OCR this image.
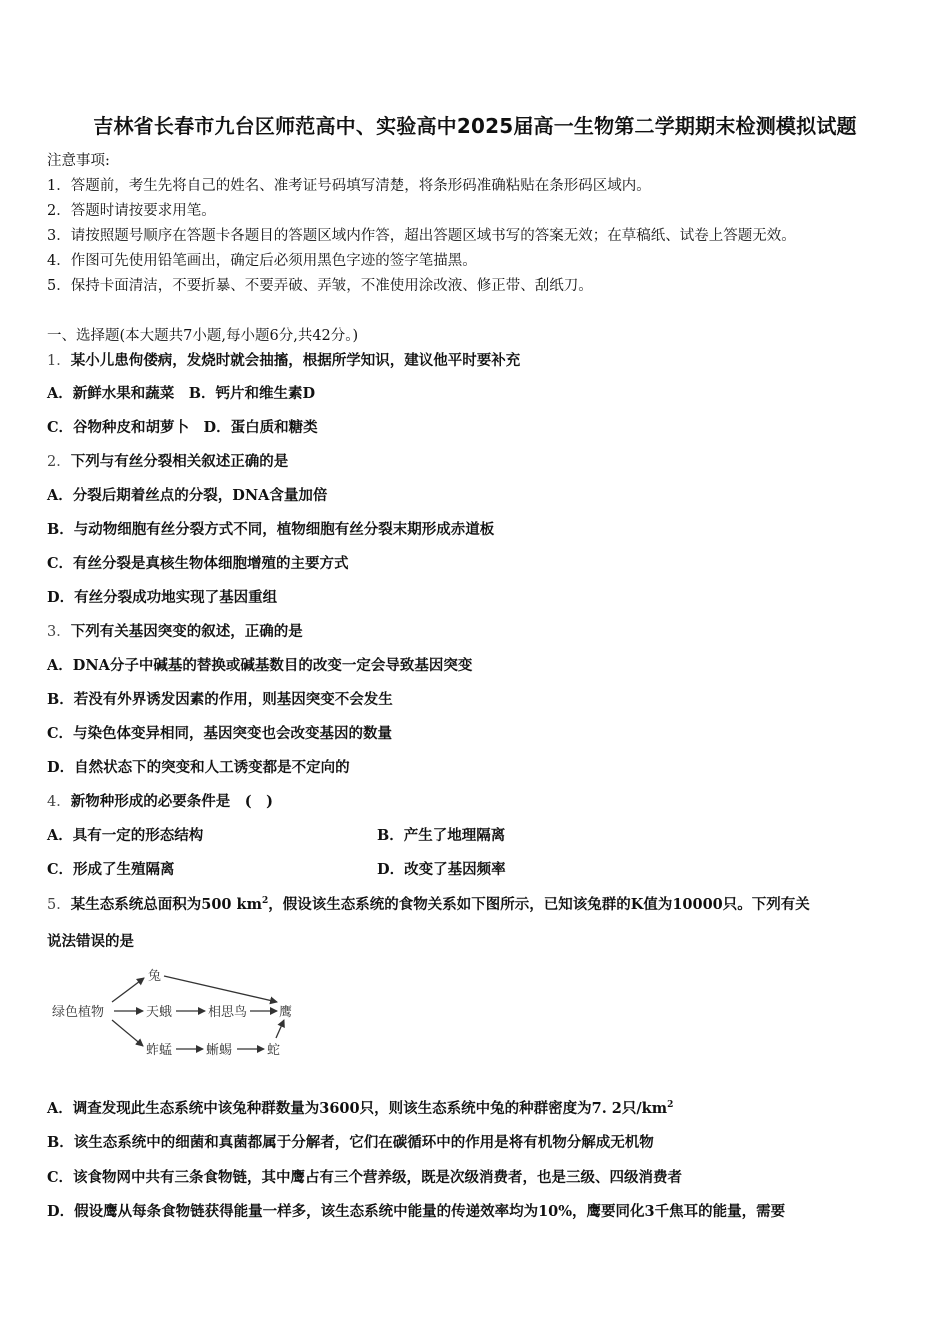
吉林省长春市九台区师范高中、实验高中2025届高一生物第二学期期末检测模拟试题
注意事项:
1．答题前，考生先将自己的姓名、准考证号码填写清楚，将条形码准确粘贴在条形码区域内。
2．答题时请按要求用笔。
3．请按照题号顺序在答题卡各题目的答题区域内作答，超出答题区域书写的答案无效；在草稿纸、试卷上答题无效。
4．作图可先使用铅笔画出，确定后必须用黑色字迹的签字笔描黑。
5．保持卡面清洁，不要折暴、不要弄破、弄皱，不准使用涂改液、修正带、刮纸刀。
一、选择题(本大题共7小题,每小题6分,共42分。)
1．某小儿患佝偻病，发烧时就会抽搐，根据所学知识，建议他平时要补充
A．新鲜水果和蔬菜　B．钙片和维生素D
C．谷物种皮和胡萝卜　D．蛋白质和糖类
2．下列与有丝分裂相关叙述正确的是
A．分裂后期着丝点的分裂，DNA含量加倍
B．与动物细胞有丝分裂方式不同，植物细胞有丝分裂末期形成赤道板
C．有丝分裂是真核生物体细胞增殖的主要方式
D．有丝分裂成功地实现了基因重组
3．下列有关基因突变的叙述，正确的是
A．DNA分子中碱基的替换或碱基数目的改变一定会导致基因突变
B．若没有外界诱发因素的作用，则基因突变不会发生
C．与染色体变异相同，基因突变也会改变基因的数量
D．自然状态下的突变和人工诱变都是不定向的
4．新物种形成的必要条件是　(　)
A．具有一定的形态结构	B．产生了地理隔离
C．形成了生殖隔离	D．改变了基因频率
5．某生态系统总面积为500 $km^2$，假设该生态系统的食物关系如下图所示，已知该兔群的K值为10000只。下列有关
说法错误的是
绿色植物
兔
天蛾	相思鸟 鹰
蚱蜢	蜥蜴	蛇
A．调查发现此生态系统中该兔种群数量为3600只，则该生态系统中兔的种群密度为7. 2只$/km^2$
B．该生态系统中的细菌和真菌都属于分解者，它们在碳循环中的作用是将有机物分解成无机物
C．该食物网中共有三条食物链，其中鹰占有三个营养级，既是次级消费者，也是三级、四级消费者
D．假设鹰从每条食物链获得能量一样多，该生态系统中能量的传递效率均为10%，鹰要同化3千焦耳的能量，需要
